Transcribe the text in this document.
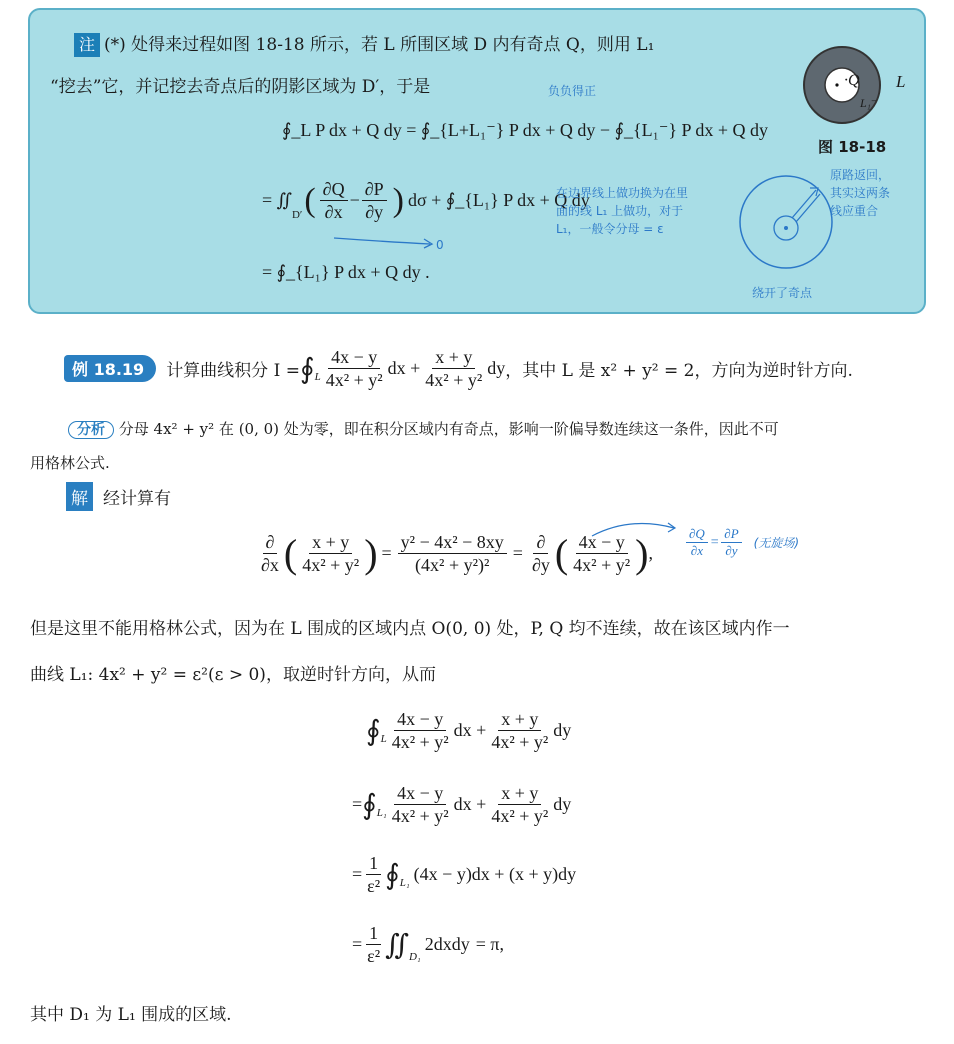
注 (*) 处得来过程如图 18-18 所示，若 L 所围区域 D 内有奇点 Q，则用 L₁
“挖去”它，并记挖去奇点后的阴影区域为 D′，于是	负负得正
∮_L P dx + Q dy = ∮_{L+L₁⁻} P dx + Q dy − ∮_{L₁⁻} P dx + Q dy
= ∬
D′ ( $\frac{\partial Q}{\partial x} - \frac{\partial P}{\partial y}$ ) dσ + ∮_{L₁} P dx + Q dy
0
在边界线上做功换为在里
面的线 L₁ 上做功，对于
L₁，一般令分母 = ε
= ∮_{L₁} P dx + Q dy .
·Q L
L₁⁻
图 18-18
原路返回，
其实这两条
线应重合
绕开了奇点
例 18.19	计算曲线积分 I = ∮ L $\frac{4x - y}{\text{4x² + y²}}$ dx + $\frac{x + y}{\text{4x² + y²}}$ dy ，其中 L 是 x² + y² = 2，方向为逆时针方向.
分析 分母 4x² + y² 在 (0, 0) 处为零，即在积分区域内有奇点，影响一阶偏导数连续这一条件，因此不可
用格林公式.
解 经计算有
$\frac{\partial}{\partial x}$ ( $\frac{x + y}{\text{4x² + y²}}$ ) = $\frac{\text{y² − 4x² − 8xy}}{\text{(4x² + y²)²}} = \frac{\partial}{\partial y}$ ( $\frac{4x - y}{\text{4x² + y²}}$ ) ,	$\frac{\partial Q}{\partial x} = \frac{\partial P}{\partial y}$ (无旋场)
但是这里不能用格林公式，因为在 L 围成的区域内点 O(0, 0) 处，P, Q 均不连续，故在该区域内作一
曲线 L₁: 4x² + y² = ε²(ε > 0)，取逆时针方向，从而
∮ L $\frac{4x - y}{\text{4x² + y²}}$ dx + $\frac{x + y}{\text{4x² + y²}}$ dy
= ∮ $L_1 \frac{4x - y}{\text{4x² + y²}}$ dx + $\frac{x + y}{\text{4x² + y²}}$ dy
= $\frac{1}{\text{ε²}}$ ∮ L₁ (4x − y)dx + (x + y)dy
= $\frac{1}{\text{ε²}}$ ∬ D₁
2dxdy = π,
其中 D₁ 为 L₁ 围成的区域.
